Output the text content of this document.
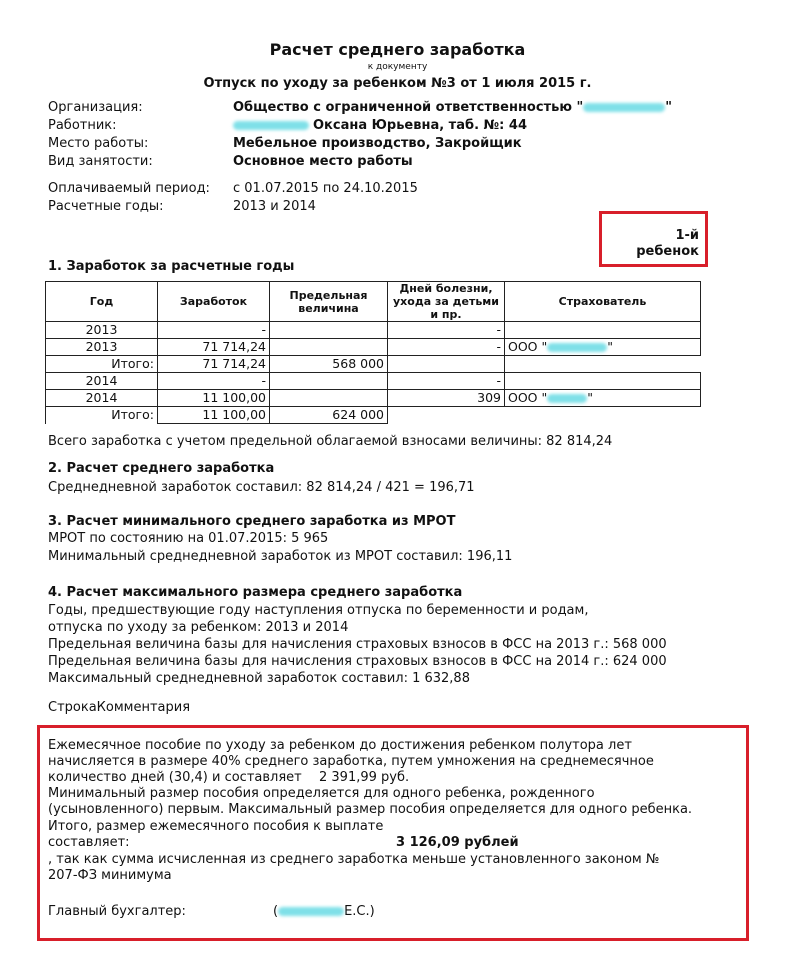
Расчет среднего заработка
к документу
Отпуск по уходу за ребенком №3 от 1 июля 2015 г.
Организация:	Общество с ограниченной ответственностью "	"
Работник:	Оксана Юрьевна, таб. №: 44
Место работы:	Мебельное производство, Закройщик
Вид занятости:	Основное место работы
Оплачиваемый период: с 01.07.2015 по 24.10.2015
Расчетные годы:	2013 и 2014
1-й
ребенок
1. Заработок за расчетные годы
Год	Заработок	Предельная величина	Дней болезни, ухода за детьми и пр.	Страхователь
2013	-		-	
2013	71 714,24		-	ООО " "
Итого:	71 714,24	568 000		
2014	-		-	
2014	11 100,00		309	ООО " "
Итого:	11 100,00	624 000		
Всего заработка с учетом предельной облагаемой взносами величины: 82 814,24
2. Расчет среднего заработка
Среднедневной заработок составил: 82 814,24 / 421 = 196,71
3. Расчет минимального среднего заработка из МРОТ
МРОТ по состоянию на 01.07.2015: 5 965
Минимальный среднедневной заработок из МРОТ составил: 196,11
4. Расчет максимального размера среднего заработка
Годы, предшествующие году наступления отпуска по беременности и родам,
отпуска по уходу за ребенком: 2013 и 2014
Предельная величина базы для начисления страховых взносов в ФСС на 2013 г.: 568 000
Предельная величина базы для начисления страховых взносов в ФСС на 2014 г.: 624 000
Максимальный среднедневной заработок составил: 1 632,88
СтрокаКомментария
Ежемесячное пособие по уходу за ребенком до достижения ребенком полутора лет
начисляется в размере 40% среднего заработка, путем умножения на среднемесячное
количество дней (30,4) и составляет 2 391,99 руб.
Минимальный размер пособия определяется для одного ребенка, рожденного
(усыновленного) первым. Максимальный размер пособия определяется для одного ребенка.
Итого, размер ежемесячного пособия к выплате
составляет:	3 126,09 рублей
, так как сумма исчисленная из среднего заработка меньше установленного законом №
207-ФЗ минимума
Главный бухгалтер:	(	Е.С.)
